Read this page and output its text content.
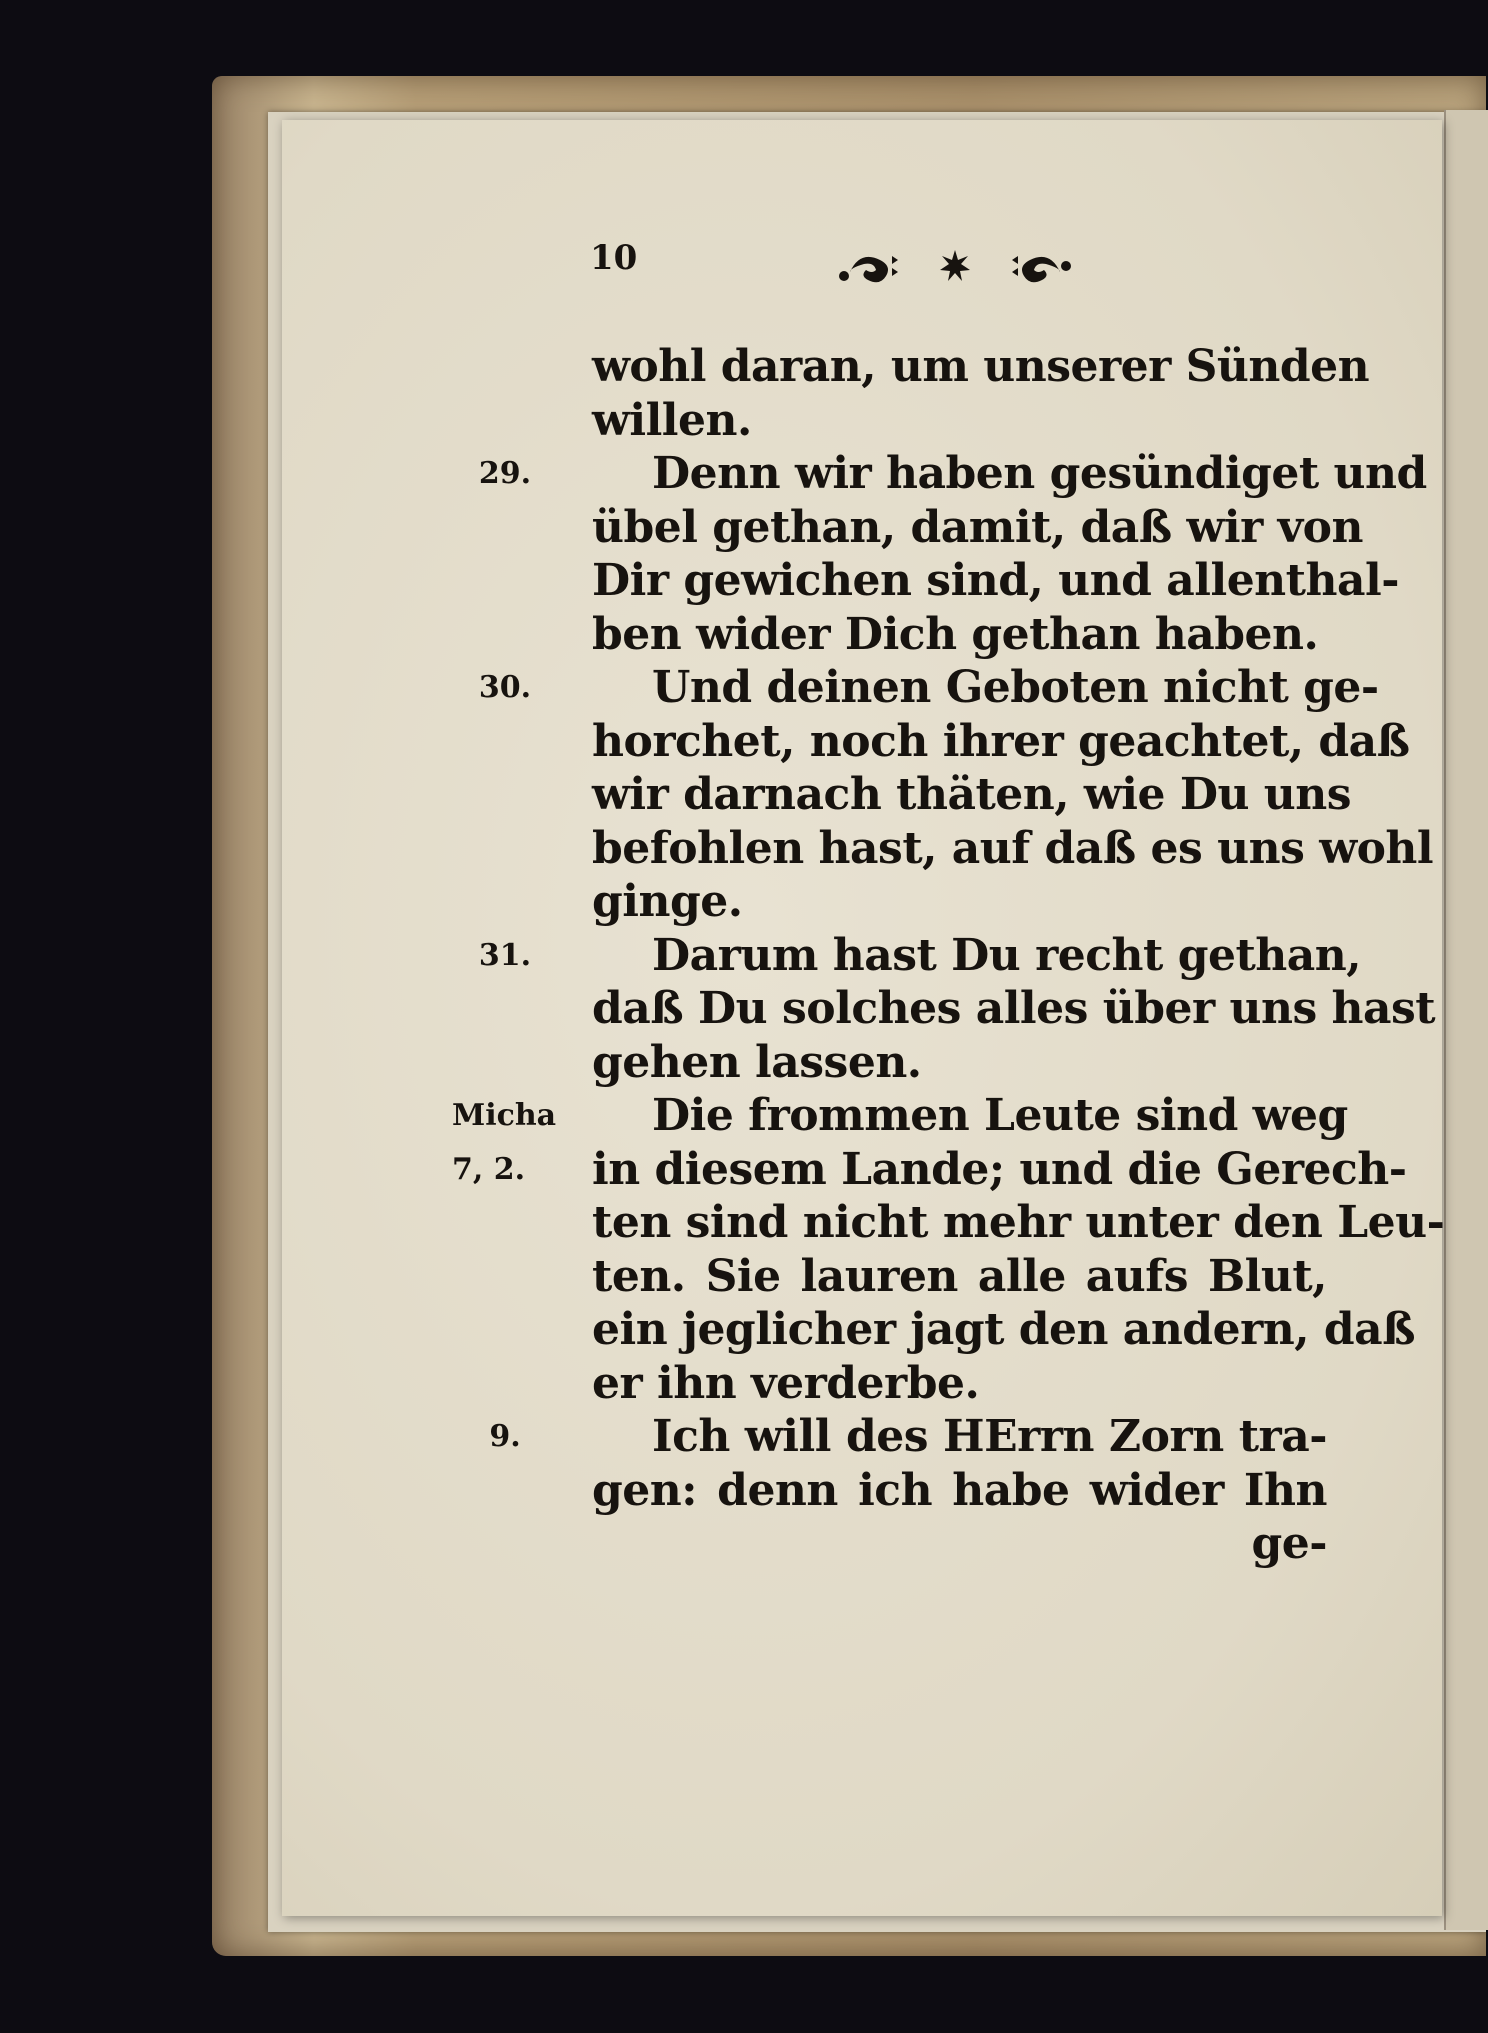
10
wohl daran, um unserer Sünden
willen.
Denn wir haben gesündiget und
übel gethan, damit, daß wir von
Dir gewichen sind, und allenthal-
ben wider Dich gethan haben.
Und deinen Geboten nicht ge-
horchet, noch ihrer geachtet, daß
wir darnach thäten, wie Du uns
befohlen hast, auf daß es uns wohl
ginge.
Darum hast Du recht gethan,
daß Du solches alles über uns hast
gehen lassen.
Die frommen Leute sind weg
in diesem Lande; und die Gerech-
ten sind nicht mehr unter den Leu-
ten. Sie lauren alle aufs Blut,
ein jeglicher jagt den andern, daß
er ihn verderbe.
Ich will des HErrn Zorn tra-
gen: denn ich habe wider Ihn
ge-
29.
30.
31.
Micha
7, 2.
9.
